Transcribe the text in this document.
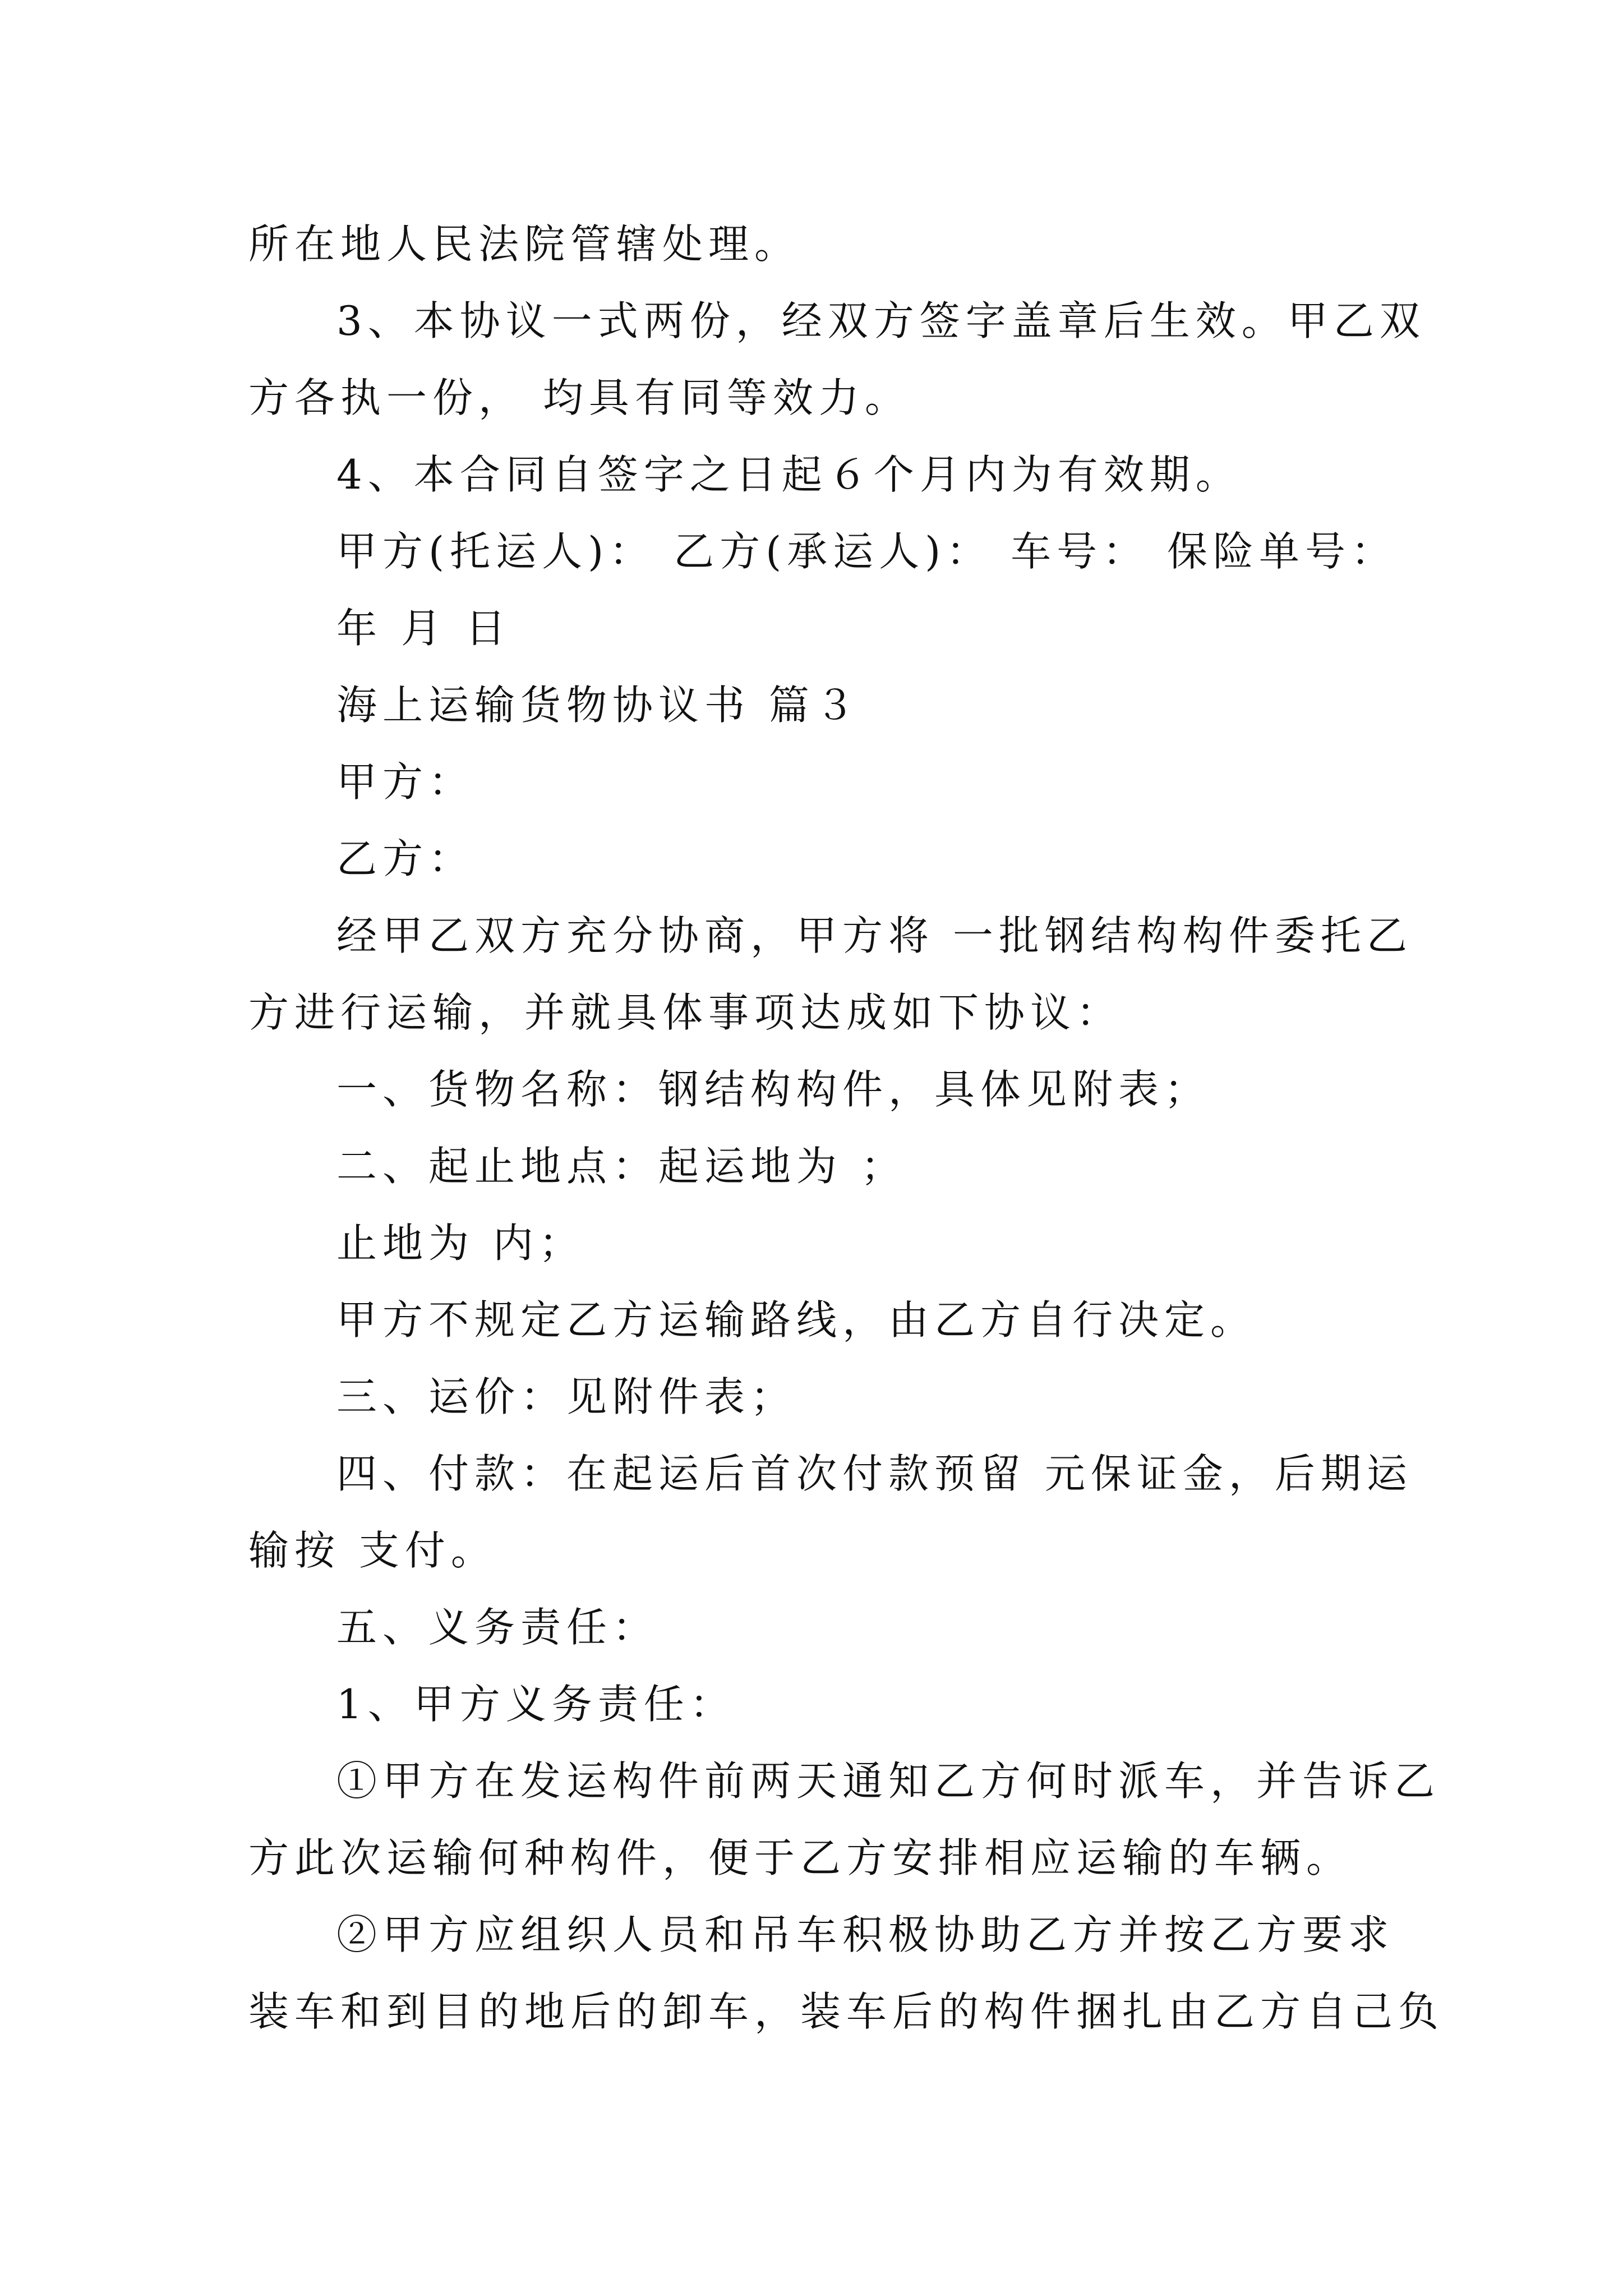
所在地人民法院管辖处理。

3、本协议一式两份，经双方签字盖章后生效。甲乙双

方各执一份， 均具有同等效力。

4、本合同自签字之日起６个月内为有效期。

甲方(托运人)： 乙方(承运人)： 车号： 保险单号：

年 月 日

海上运输货物协议书 篇３

甲方：

乙方：

经甲乙双方充分协商，甲方将 一批钢结构构件委托乙

方进行运输，并就具体事项达成如下协议：

一、货物名称：钢结构构件，具体见附表；

二、起止地点：起运地为 ；

止地为 内；

甲方不规定乙方运输路线，由乙方自行决定。

三、运价：见附件表；

四、付款：在起运后首次付款预留 元保证金，后期运

输按 支付。

五、义务责任：

1、甲方义务责任：

①甲方在发运构件前两天通知乙方何时派车，并告诉乙

方此次运输何种构件，便于乙方安排相应运输的车辆。

②甲方应组织人员和吊车积极协助乙方并按乙方要求

装车和到目的地后的卸车，装车后的构件捆扎由乙方自己负
